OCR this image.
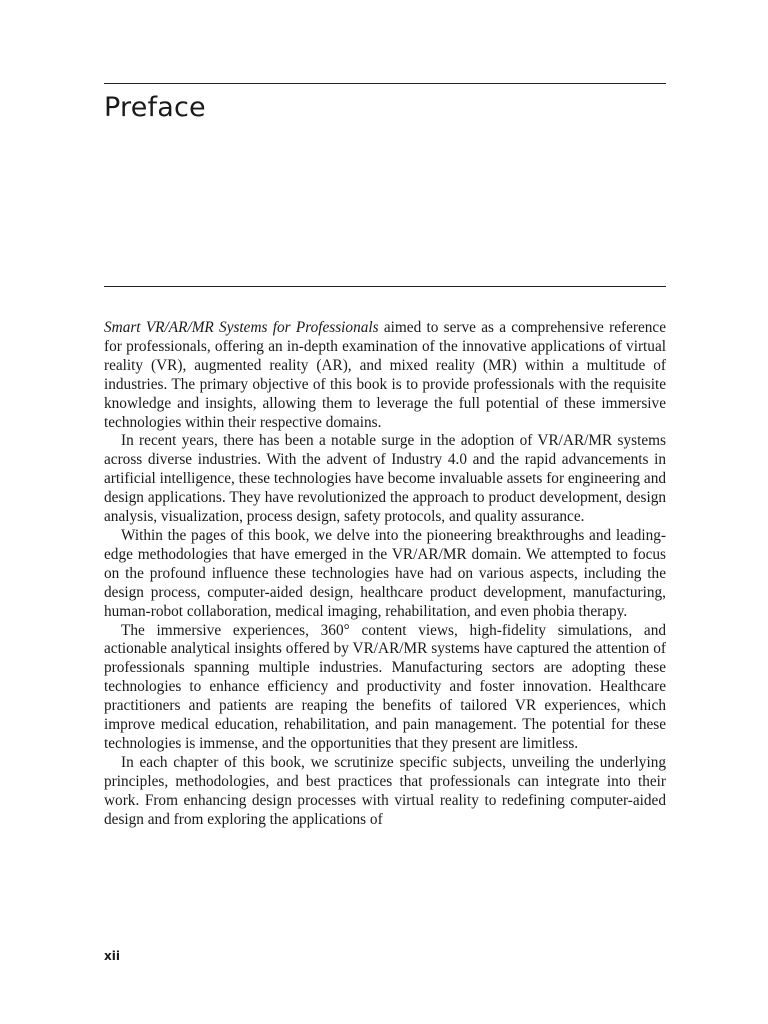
Preface

Smart VR/AR/MR Systems for Professionals aimed to serve as a comprehensive reference for professionals, offering an in-depth examination of the innovative applications of virtual reality (VR), augmented reality (AR), and mixed reality (MR) within a multitude of industries. The primary objective of this book is to provide professionals with the requisite knowledge and insights, allowing them to leverage the full potential of these immersive technologies within their respective domains.

In recent years, there has been a notable surge in the adoption of VR/AR/MR systems across diverse industries. With the advent of Industry 4.0 and the rapid advancements in artificial intelligence, these technologies have become invaluable assets for engineering and design applications. They have revolutionized the approach to product development, design analysis, visualization, process design, safety protocols, and quality assurance.

Within the pages of this book, we delve into the pioneering breakthroughs and leading-edge methodologies that have emerged in the VR/AR/MR domain. We attempted to focus on the profound influence these technologies have had on various aspects, including the design process, computer-aided design, healthcare product development, manufacturing, human-robot collaboration, medical imaging, rehabilitation, and even phobia therapy.

The immersive experiences, 360° content views, high-fidelity simulations, and actionable analytical insights offered by VR/AR/MR systems have captured the attention of professionals spanning multiple industries. Manufacturing sectors are adopting these technologies to enhance efficiency and productivity and foster innovation. Healthcare practitioners and patients are reaping the benefits of tailored VR experiences, which improve medical education, rehabilitation, and pain management. The potential for these technologies is immense, and the opportunities that they present are limitless.

In each chapter of this book, we scrutinize specific subjects, unveiling the underlying principles, methodologies, and best practices that professionals can integrate into their work. From enhancing design processes with virtual reality to redefining computer-aided design and from exploring the applications of

xii
